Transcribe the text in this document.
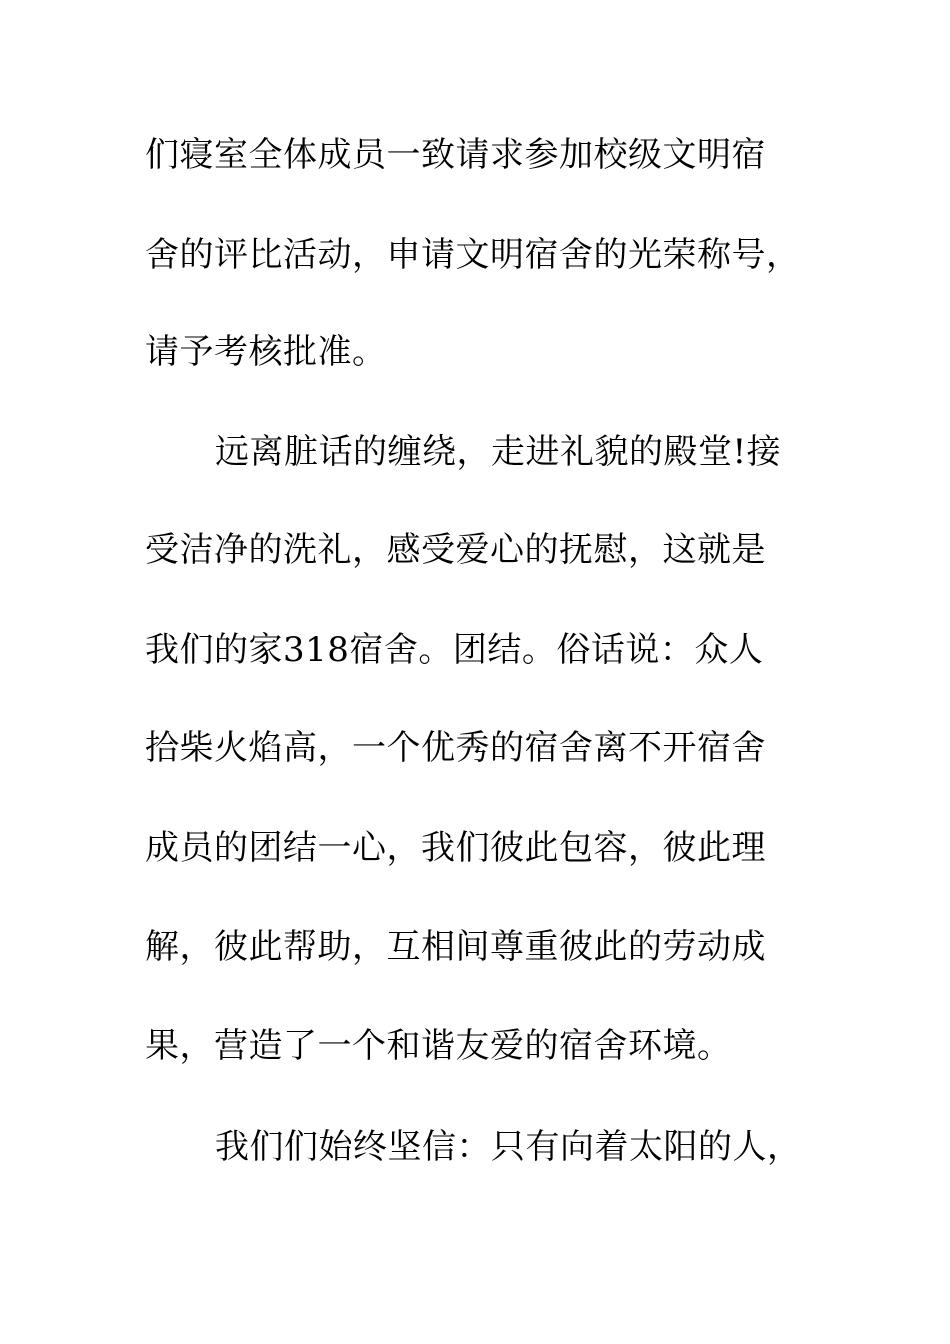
们寝室全体成员一致请求参加校级文明宿
舍的评比活动，申请文明宿舍的光荣称号，
请予考核批准。
远离脏话的缠绕，走进礼貌的殿堂!接
受洁净的洗礼，感受爱心的抚慰，这就是
我们的家318宿舍。团结。俗话说：众人
拾柴火焰高，一个优秀的宿舍离不开宿舍
成员的团结一心，我们彼此包容，彼此理
解，彼此帮助，互相间尊重彼此的劳动成
果，营造了一个和谐友爱的宿舍环境。
我们们始终坚信：只有向着太阳的人，
